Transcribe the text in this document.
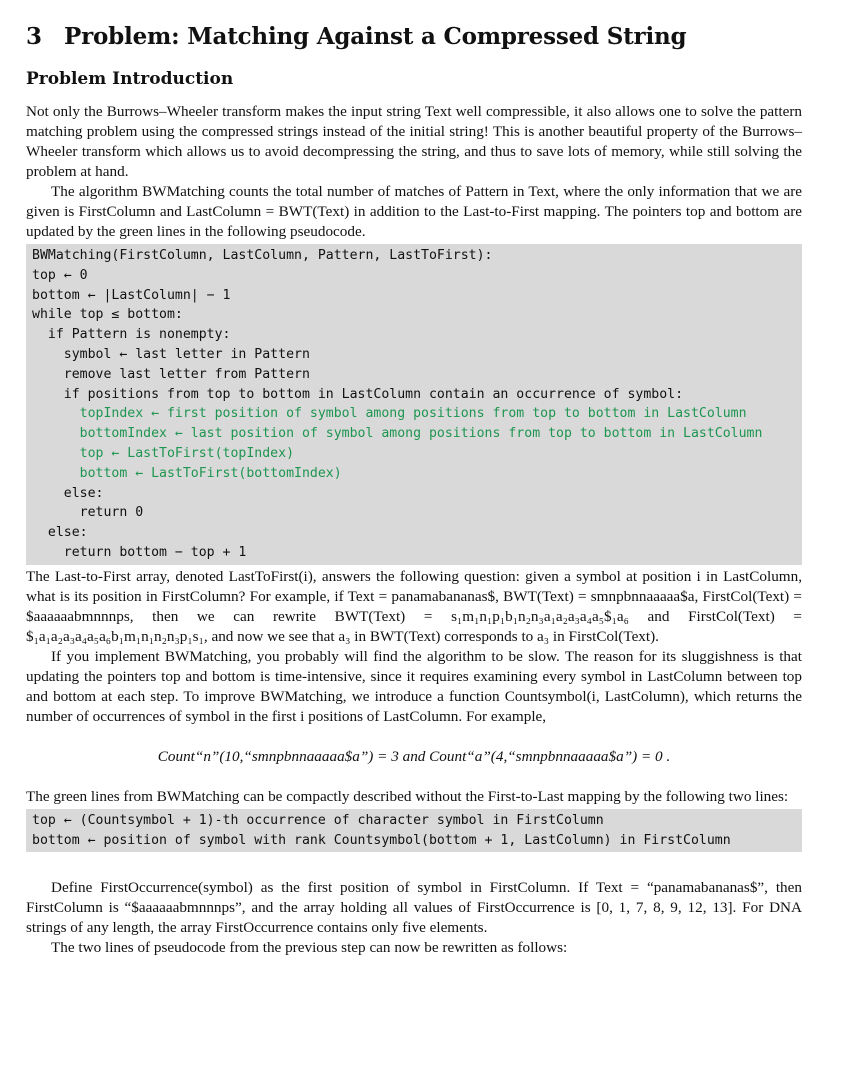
3 Problem: Matching Against a Compressed String
Problem Introduction

Not only the Burrows–Wheeler transform makes the input string Text well compressible, it also allows one to solve the pattern matching problem using the compressed strings instead of the initial string! This is another beautiful property of the Burrows–Wheeler transform which allows us to avoid decompressing the string, and thus to save lots of memory, while still solving the problem at hand.

The algorithm BWMatching counts the total number of matches of Pattern in Text, where the only information that we are given is FirstColumn and LastColumn = BWT(Text) in addition to the Last-to-First mapping. The pointers top and bottom are updated by the green lines in the following pseudocode.

BWMatching(FirstColumn, LastColumn, Pattern, LastToFirst):
top ← 0
bottom ← |LastColumn| − 1
while top ≤ bottom:
if Pattern is nonempty:
symbol ← last letter in Pattern
remove last letter from Pattern
if positions from top to bottom in LastColumn contain an occurrence of symbol:
topIndex ← first position of symbol among positions from top to bottom in LastColumn
bottomIndex ← last position of symbol among positions from top to bottom in LastColumn
top ← LastToFirst(topIndex)
bottom ← LastToFirst(bottomIndex)
else:
return 0
else:
return bottom − top + 1

The Last-to-First array, denoted LastToFirst(i), answers the following question: given a symbol at position i in LastColumn, what is its position in FirstColumn? For example, if Text = panamabananas$, BWT(Text) = smnpbnnaaaaa$a, FirstCol(Text) = $aaaaaabmnnnps, then we can rewrite BWT(Text) = s₁m₁n₁p₁b₁n₂n₃a₁a₂a₃a₄a₅$₁a₆ and FirstCol(Text) = $₁a₁a₂a₃a₄a₅a₆b₁m₁n₁n₂n₃p₁s₁, and now we see that a₃ in BWT(Text) corresponds to a₃ in FirstCol(Text).

If you implement BWMatching, you probably will find the algorithm to be slow. The reason for its sluggishness is that updating the pointers top and bottom is time-intensive, since it requires examining every symbol in LastColumn between top and bottom at each step. To improve BWMatching, we introduce a function Countsymbol(i, LastColumn), which returns the number of occurrences of symbol in the first i positions of LastColumn. For example,

Count“n”(10,“smnpbnnaaaaa$a”) = 3 and Count“a”(4,“smnpbnnaaaaa$a”) = 0 .

The green lines from BWMatching can be compactly described without the First-to-Last mapping by the following two lines:

top ← (Countsymbol + 1)-th occurrence of character symbol in FirstColumn
bottom ← position of symbol with rank Countsymbol(bottom + 1, LastColumn) in FirstColumn

Define FirstOccurrence(symbol) as the first position of symbol in FirstColumn. If Text = “panamabananas$”, then FirstColumn is “$aaaaaabmnnnps”, and the array holding all values of FirstOccurrence is [0, 1, 7, 8, 9, 12, 13]. For DNA strings of any length, the array FirstOccurrence contains only five elements.

The two lines of pseudocode from the previous step can now be rewritten as follows:
